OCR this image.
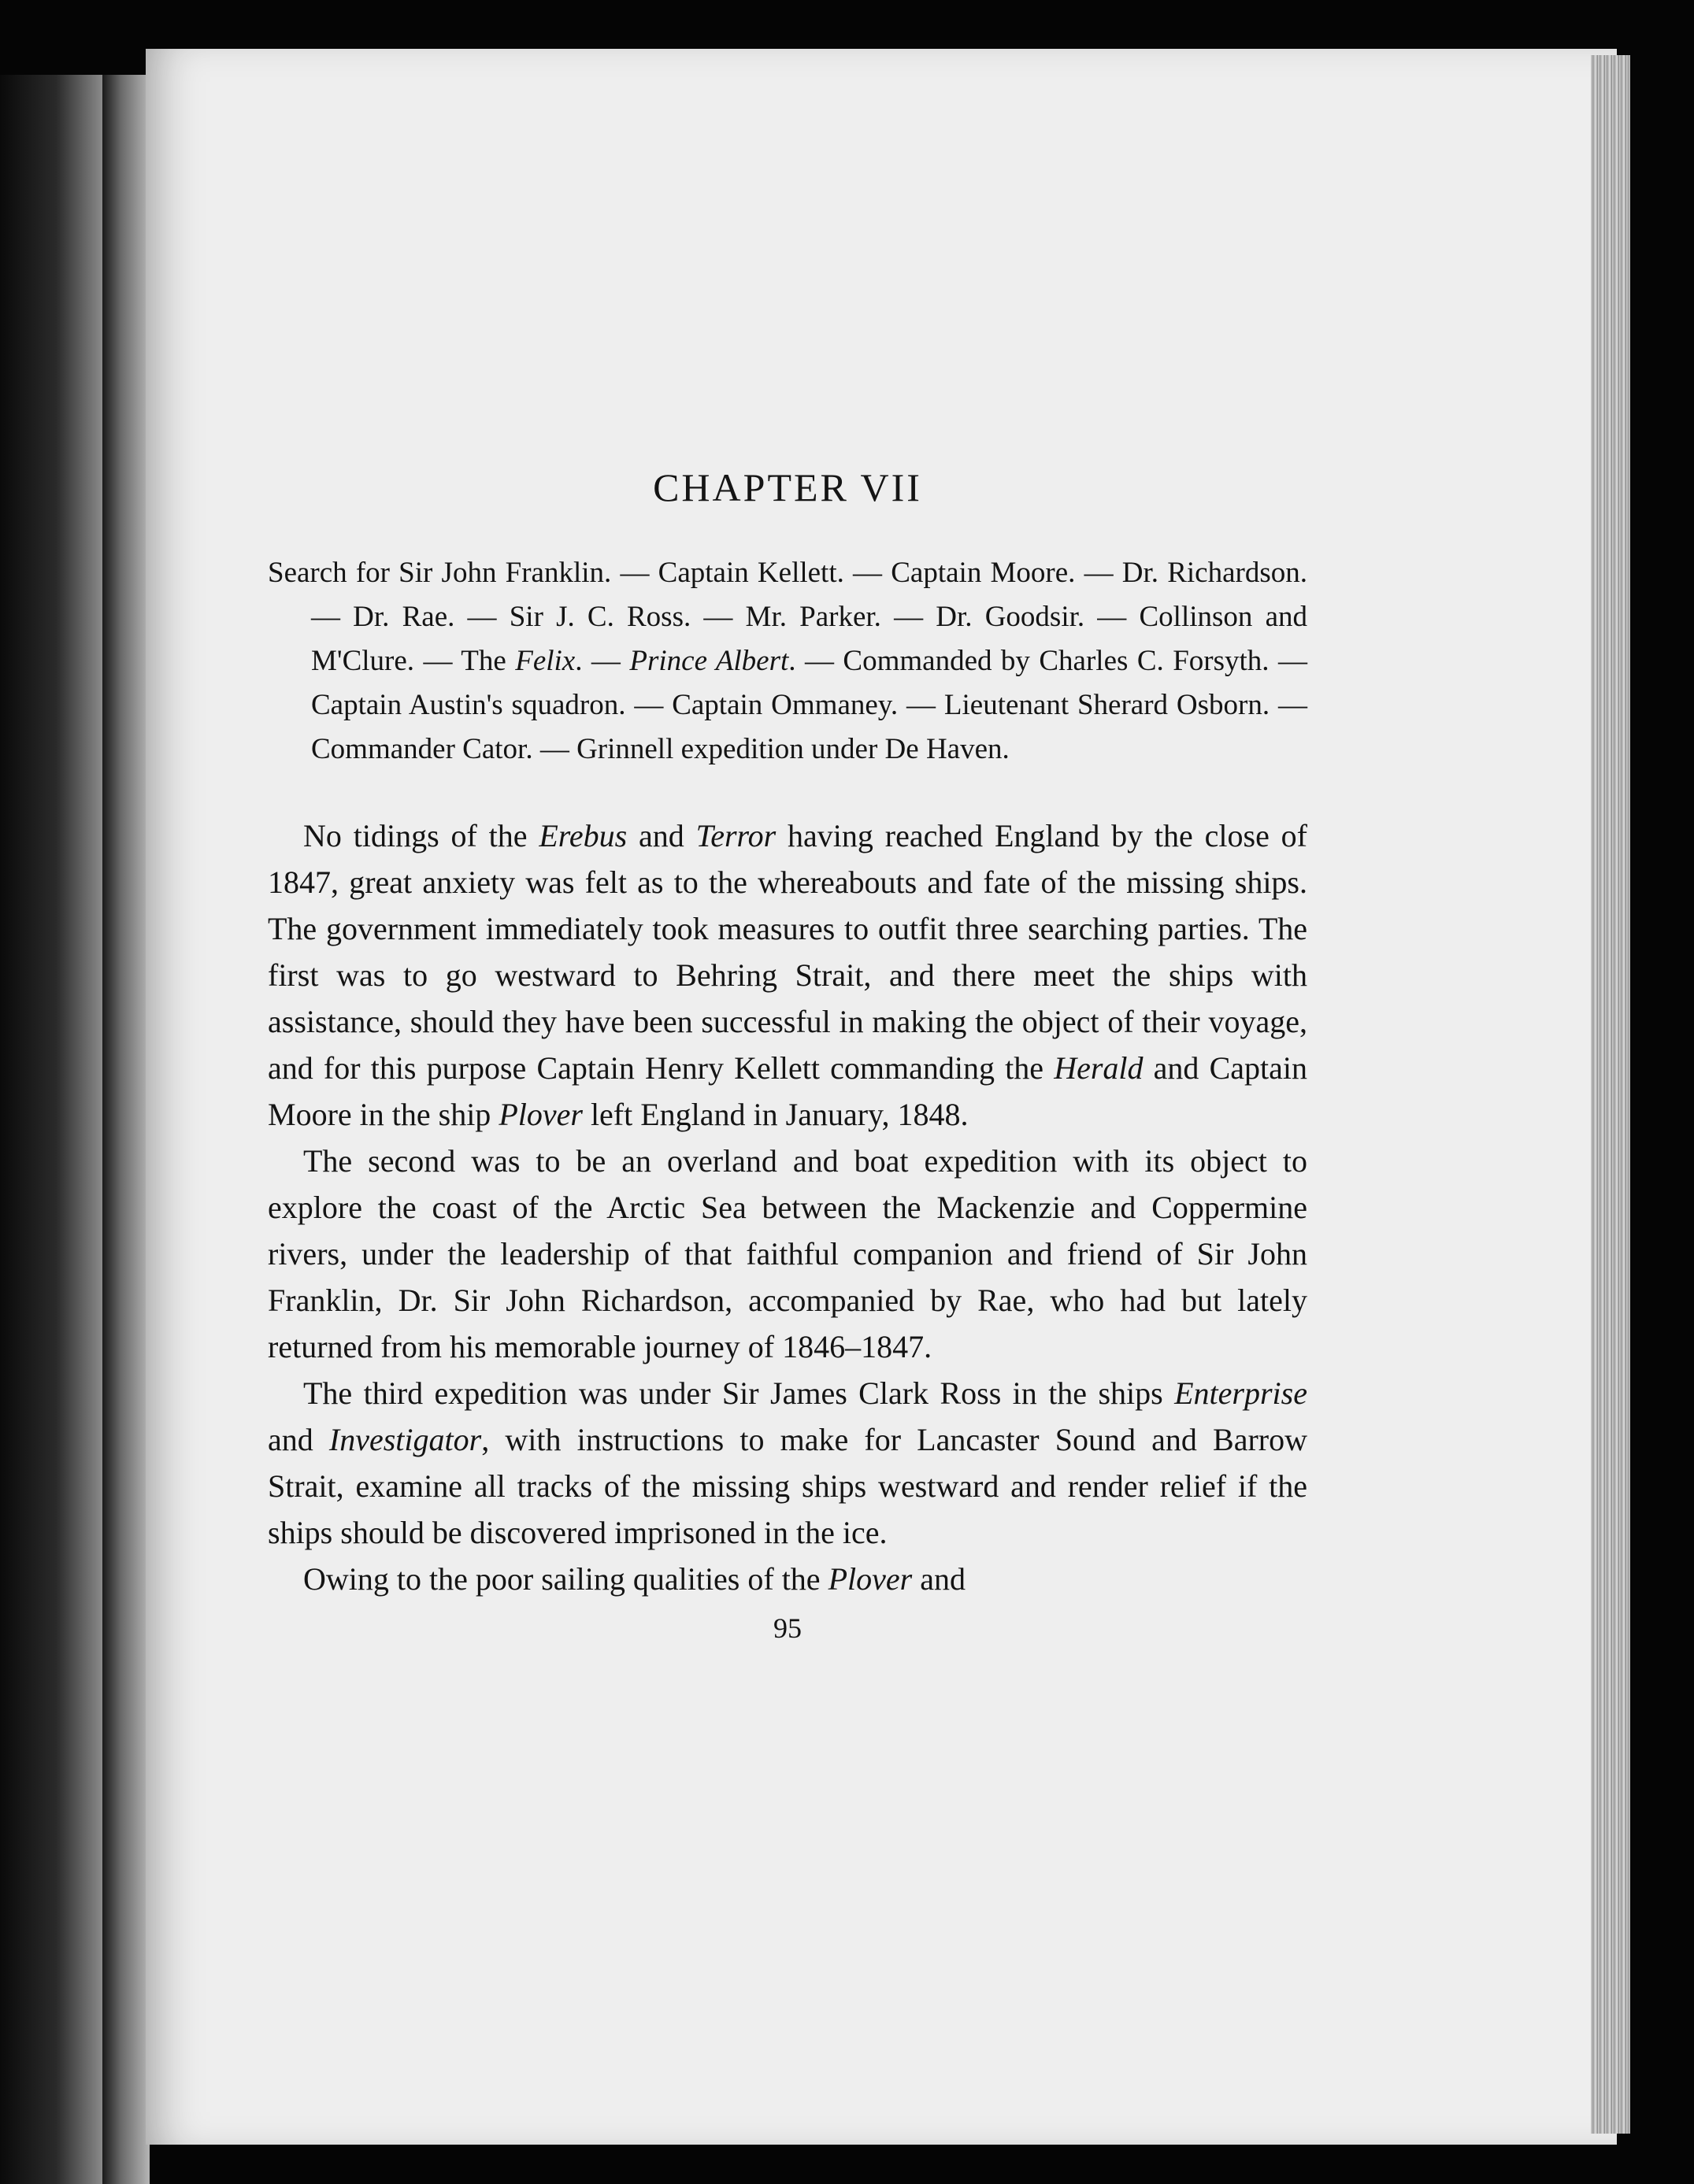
CHAPTER VII

Search for Sir John Franklin. — Captain Kellett. — Captain Moore. — Dr. Richardson. — Dr. Rae. — Sir J. C. Ross. — Mr. Parker. — Dr. Goodsir. — Collinson and M'Clure. — The Felix. — Prince Albert. — Commanded by Charles C. Forsyth. — Captain Austin's squadron. — Captain Ommaney. — Lieutenant Sherard Osborn. — Commander Cator. — Grinnell expedition under De Haven.

No tidings of the Erebus and Terror having reached England by the close of 1847, great anxiety was felt as to the whereabouts and fate of the missing ships. The government immediately took measures to outfit three searching parties. The first was to go westward to Behring Strait, and there meet the ships with assistance, should they have been successful in making the object of their voyage, and for this purpose Captain Henry Kellett commanding the Herald and Captain Moore in the ship Plover left England in January, 1848.

The second was to be an overland and boat expedition with its object to explore the coast of the Arctic Sea between the Mackenzie and Coppermine rivers, under the leadership of that faithful companion and friend of Sir John Franklin, Dr. Sir John Richardson, accompanied by Rae, who had but lately returned from his memorable journey of 1846–1847.

The third expedition was under Sir James Clark Ross in the ships Enterprise and Investigator, with instructions to make for Lancaster Sound and Barrow Strait, examine all tracks of the missing ships westward and render relief if the ships should be discovered imprisoned in the ice.

Owing to the poor sailing qualities of the Plover and

95
